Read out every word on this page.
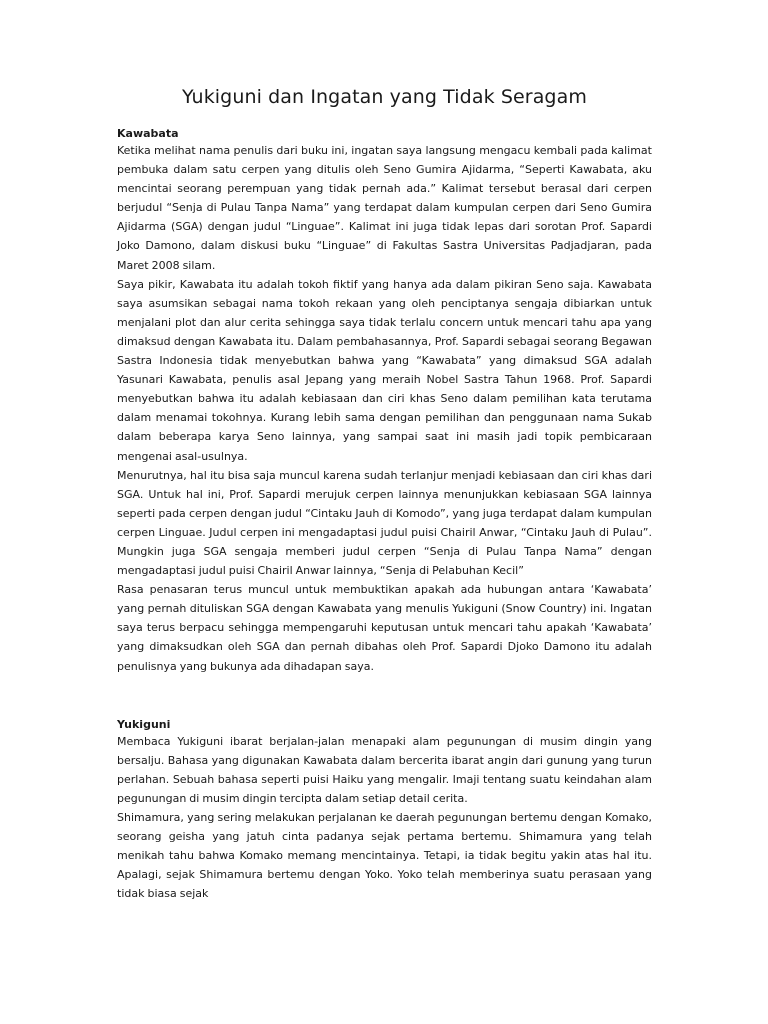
Yukiguni dan Ingatan yang Tidak Seragam
Kawabata

Ketika melihat nama penulis dari buku ini, ingatan saya langsung mengacu kembali pada kalimat pembuka dalam satu cerpen yang ditulis oleh Seno Gumira Ajidarma, “Seperti Kawabata, aku mencintai seorang perempuan yang tidak pernah ada.” Kalimat tersebut berasal dari cerpen berjudul “Senja di Pulau Tanpa Nama” yang terdapat dalam kumpulan cerpen dari Seno Gumira Ajidarma (SGA) dengan judul “Linguae”. Kalimat ini juga tidak lepas dari sorotan Prof. Sapardi Joko Damono, dalam diskusi buku “Linguae” di Fakultas Sastra Universitas Padjadjaran, pada Maret 2008 silam.

Saya pikir, Kawabata itu adalah tokoh fiktif yang hanya ada dalam pikiran Seno saja. Kawabata saya asumsikan sebagai nama tokoh rekaan yang oleh penciptanya sengaja dibiarkan untuk menjalani plot dan alur cerita sehingga saya tidak terlalu concern untuk mencari tahu apa yang dimaksud dengan Kawabata itu. Dalam pembahasannya, Prof. Sapardi sebagai seorang Begawan Sastra Indonesia tidak menyebutkan bahwa yang “Kawabata” yang dimaksud SGA adalah Yasunari Kawabata, penulis asal Jepang yang meraih Nobel Sastra Tahun 1968. Prof. Sapardi menyebutkan bahwa itu adalah kebiasaan dan ciri khas Seno dalam pemilihan kata terutama dalam menamai tokohnya. Kurang lebih sama dengan pemilihan dan penggunaan nama Sukab dalam beberapa karya Seno lainnya, yang sampai saat ini masih jadi topik pembicaraan mengenai asal-usulnya.

Menurutnya, hal itu bisa saja muncul karena sudah terlanjur menjadi kebiasaan dan ciri khas dari SGA. Untuk hal ini, Prof. Sapardi merujuk cerpen lainnya menunjukkan kebiasaan SGA lainnya seperti pada cerpen dengan judul “Cintaku Jauh di Komodo”, yang juga terdapat dalam kumpulan cerpen Linguae. Judul cerpen ini mengadaptasi judul puisi Chairil Anwar, “Cintaku Jauh di Pulau”. Mungkin juga SGA sengaja memberi judul cerpen “Senja di Pulau Tanpa Nama” dengan mengadaptasi judul puisi Chairil Anwar lainnya, “Senja di Pelabuhan Kecil”

Rasa penasaran terus muncul untuk membuktikan apakah ada hubungan antara ‘Kawabata’ yang pernah dituliskan SGA dengan Kawabata yang menulis Yukiguni (Snow Country) ini. Ingatan saya terus berpacu sehingga mempengaruhi keputusan untuk mencari tahu apakah ‘Kawabata’ yang dimaksudkan oleh SGA dan pernah dibahas oleh Prof. Sapardi Djoko Damono itu adalah penulisnya yang bukunya ada dihadapan saya.

Yukiguni

Membaca Yukiguni ibarat berjalan-jalan menapaki alam pegunungan di musim dingin yang bersalju. Bahasa yang digunakan Kawabata dalam bercerita ibarat angin dari gunung yang turun perlahan. Sebuah bahasa seperti puisi Haiku yang mengalir. Imaji tentang suatu keindahan alam pegunungan di musim dingin tercipta dalam setiap detail cerita.

Shimamura, yang sering melakukan perjalanan ke daerah pegunungan bertemu dengan Komako, seorang geisha yang jatuh cinta padanya sejak pertama bertemu. Shimamura yang telah menikah tahu bahwa Komako memang mencintainya. Tetapi, ia tidak begitu yakin atas hal itu. Apalagi, sejak Shimamura bertemu dengan Yoko. Yoko telah memberinya suatu perasaan yang tidak biasa sejak
